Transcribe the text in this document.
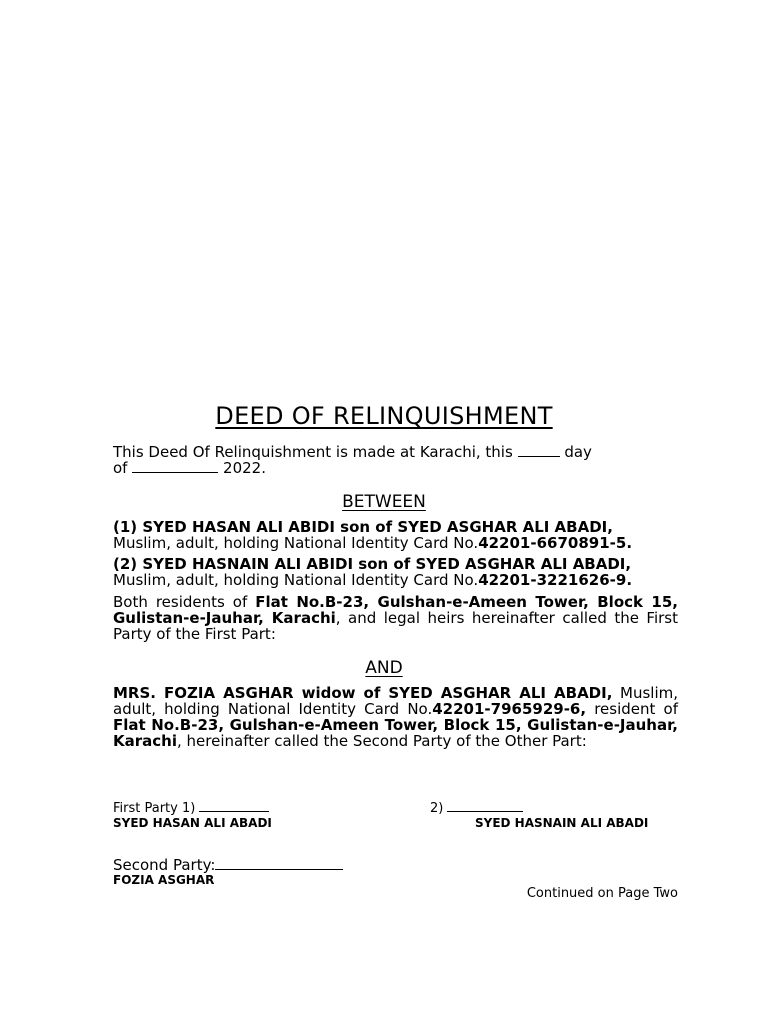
DEED OF RELINQUISHMENT
This Deed Of Relinquishment is made at Karachi, this	day
of	2022.
BETWEEN
(1) SYED HASAN ALI ABIDI son of SYED ASGHAR ALI ABADI,
Muslim, adult, holding National Identity Card No.42201-6670891-5.
(2) SYED HASNAIN ALI ABIDI son of SYED ASGHAR ALI ABADI,
Muslim, adult, holding National Identity Card No.42201-3221626-9.
Both residents of Flat No.B-23, Gulshan-e-Ameen Tower, Block 15, Gulistan-e-Jauhar, Karachi, and legal heirs hereinafter called the First Party of the First Part:
AND
MRS. FOZIA ASGHAR widow of SYED ASGHAR ALI ABADI, Muslim, adult, holding National Identity Card No.42201-7965929-6, resident of Flat No.B-23, Gulshan-e-Ameen Tower, Block 15, Gulistan-e-Jauhar, Karachi, hereinafter called the Second Party of the Other Part:
First Party 1)
SYED HASAN ALI ABADI
2)
SYED HASNAIN ALI ABADI
Second Party:
FOZIA ASGHAR
Continued on Page Two
